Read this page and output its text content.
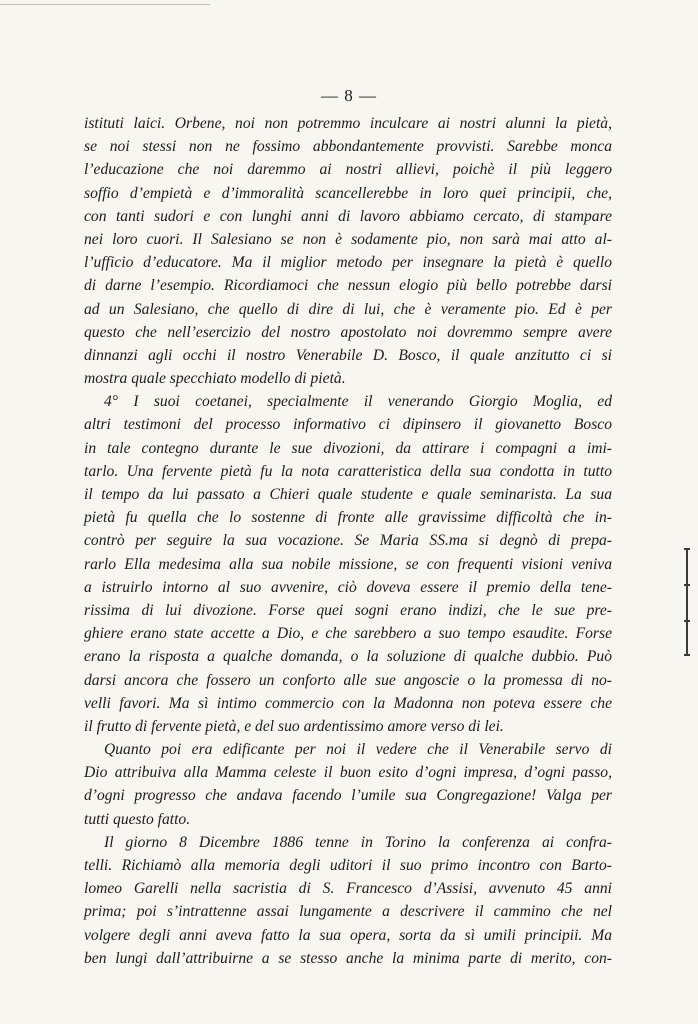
— 8 —
istituti laici. Orbene, noi non potremmo inculcare ai nostri alunni la pietà,
se noi stessi non ne fossimo abbondantemente provvisti. Sarebbe monca
l’educazione che noi daremmo ai nostri allievi, poichè il più leggero
soffio d’empietà e d’immoralità scancellerebbe in loro quei principii, che,
con tanti sudori e con lunghi anni di lavoro abbiamo cercato, di stampare
nei loro cuori. Il Salesiano se non è sodamente pio, non sarà mai atto al-
l’ufficio d’educatore. Ma il miglior metodo per insegnare la pietà è quello
di darne l’esempio. Ricordiamoci che nessun elogio più bello potrebbe darsi
ad un Salesiano, che quello di dire di lui, che è veramente pio. Ed è per
questo che nell’esercizio del nostro apostolato noi dovremmo sempre avere
dinnanzi agli occhi il nostro Venerabile D. Bosco, il quale anzitutto ci si
mostra quale specchiato modello di pietà.
4° I suoi coetanei, specialmente il venerando Giorgio Moglia, ed
altri testimoni del processo informativo ci dipinsero il giovanetto Bosco
in tale contegno durante le sue divozioni, da attirare i compagni a imi-
tarlo. Una fervente pietà fu la nota caratteristica della sua condotta in tutto
il tempo da lui passato a Chieri quale studente e quale seminarista. La sua
pietà fu quella che lo sostenne di fronte alle gravissime difficoltà che in-
contrò per seguire la sua vocazione. Se Maria SS.ma si degnò di prepa-
rarlo Ella medesima alla sua nobile missione, se con frequenti visioni veniva
a istruirlo intorno al suo avvenire, ciò doveva essere il premio della tene-
rissima di lui divozione. Forse quei sogni erano indizi, che le sue pre-
ghiere erano state accette a Dio, e che sarebbero a suo tempo esaudite. Forse
erano la risposta a qualche domanda, o la soluzione di qualche dubbio. Può
darsi ancora che fossero un conforto alle sue angoscie o la promessa di no-
velli favori. Ma sì intimo commercio con la Madonna non poteva essere che
il frutto di fervente pietà, e del suo ardentissimo amore verso di lei.
Quanto poi era edificante per noi il vedere che il Venerabile servo di
Dio attribuiva alla Mamma celeste il buon esito d’ogni impresa, d’ogni passo,
d’ogni progresso che andava facendo l’umile sua Congregazione! Valga per
tutti questo fatto.
Il giorno 8 Dicembre 1886 tenne in Torino la conferenza ai confra-
telli. Richiamò alla memoria degli uditori il suo primo incontro con Barto-
lomeo Garelli nella sacristia di S. Francesco d’Assisi, avvenuto 45 anni
prima; poi s’intrattenne assai lungamente a descrivere il cammino che nel
volgere degli anni aveva fatto la sua opera, sorta da sì umili principii. Ma
ben lungi dall’attribuirne a se stesso anche la minima parte di merito, con-
